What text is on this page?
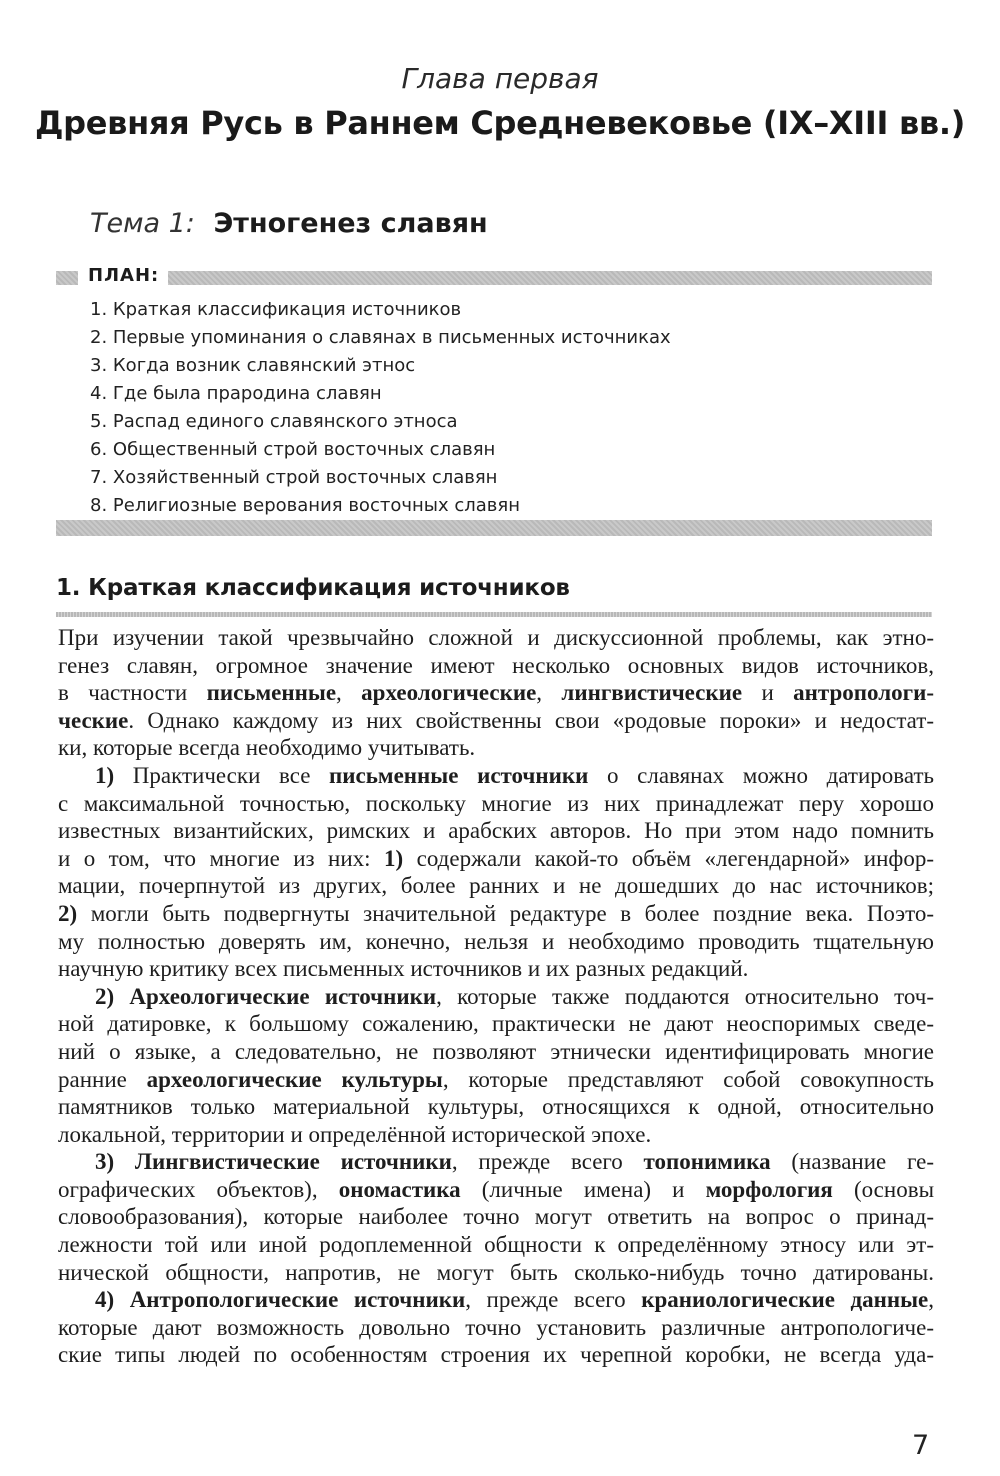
Глава первая
Древняя Русь в Раннем Средневековье (IX–XIII вв.)
Тема 1: Этногенез славян
ПЛАН:
1. Краткая классификация источников
2. Первые упоминания о славянах в письменных источниках
3. Когда возник славянский этнос
4. Где была прародина славян
5. Распад единого славянского этноса
6. Общественный строй восточных славян
7. Хозяйственный строй восточных славян
8. Религиозные верования восточных славян
1. Краткая классификация источников
При изучении такой чрезвычайно сложной и дискуссионной проблемы, как этно-
генез славян, огромное значение имеют несколько основных видов источников,
в частности письменные, археологические, лингвистические и антропологи-
ческие. Однако каждому из них свойственны свои «родовые пороки» и недостат-
ки, которые всегда необходимо учитывать.
1) Практически все письменные источники о славянах можно датировать
с максимальной точностью, поскольку многие из них принадлежат перу хорошо
известных византийских, римских и арабских авторов. Но при этом надо помнить
и о том, что многие из них: 1) содержали какой-то объём «легендарной» инфор-
мации, почерпнутой из других, более ранних и не дошедших до нас источников;
2) могли быть подвергнуты значительной редактуре в более поздние века. Поэто-
му полностью доверять им, конечно, нельзя и необходимо проводить тщательную
научную критику всех письменных источников и их разных редакций.
2) Археологические источники, которые также поддаются относительно точ-
ной датировке, к большому сожалению, практически не дают неоспоримых сведе-
ний о языке, а следовательно, не позволяют этнически идентифицировать многие
ранние археологические культуры, которые представляют собой совокупность
памятников только материальной культуры, относящихся к одной, относительно
локальной, территории и определённой исторической эпохе.
3) Лингвистические источники, прежде всего топонимика (название ге-
ографических объектов), ономастика (личные имена) и морфология (основы
словообразования), которые наиболее точно могут ответить на вопрос о принад-
лежности той или иной родоплеменной общности к определённому этносу или эт-
нической общности, напротив, не могут быть сколько-нибудь точно датированы.
4) Антропологические источники, прежде всего краниологические данные,
которые дают возможность довольно точно установить различные антропологиче-
ские типы людей по особенностям строения их черепной коробки, не всегда уда-
7
